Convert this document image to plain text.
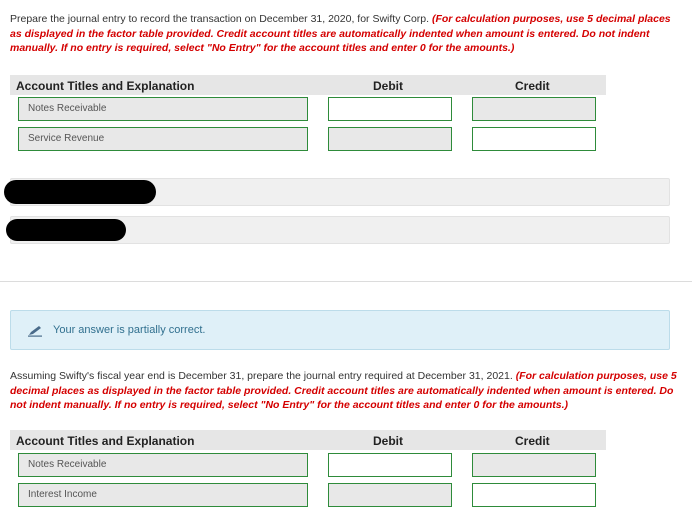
Prepare the journal entry to record the transaction on December 31, 2020, for Swifty Corp. (For calculation purposes, use 5 decimal places as displayed in the factor table provided. Credit account titles are automatically indented when amount is entered. Do not indent manually. If no entry is required, select "No Entry" for the account titles and enter 0 for the amounts.)
Account Titles and Explanation	Debit	Credit
Notes Receivable
Service Revenue
Your answer is partially correct.
Assuming Swifty's fiscal year end is December 31, prepare the journal entry required at December 31, 2021. (For calculation purposes, use 5 decimal places as displayed in the factor table provided. Credit account titles are automatically indented when amount is entered. Do not indent manually. If no entry is required, select "No Entry" for the account titles and enter 0 for the amounts.)
Account Titles and Explanation	Debit	Credit
Notes Receivable
Interest Income
